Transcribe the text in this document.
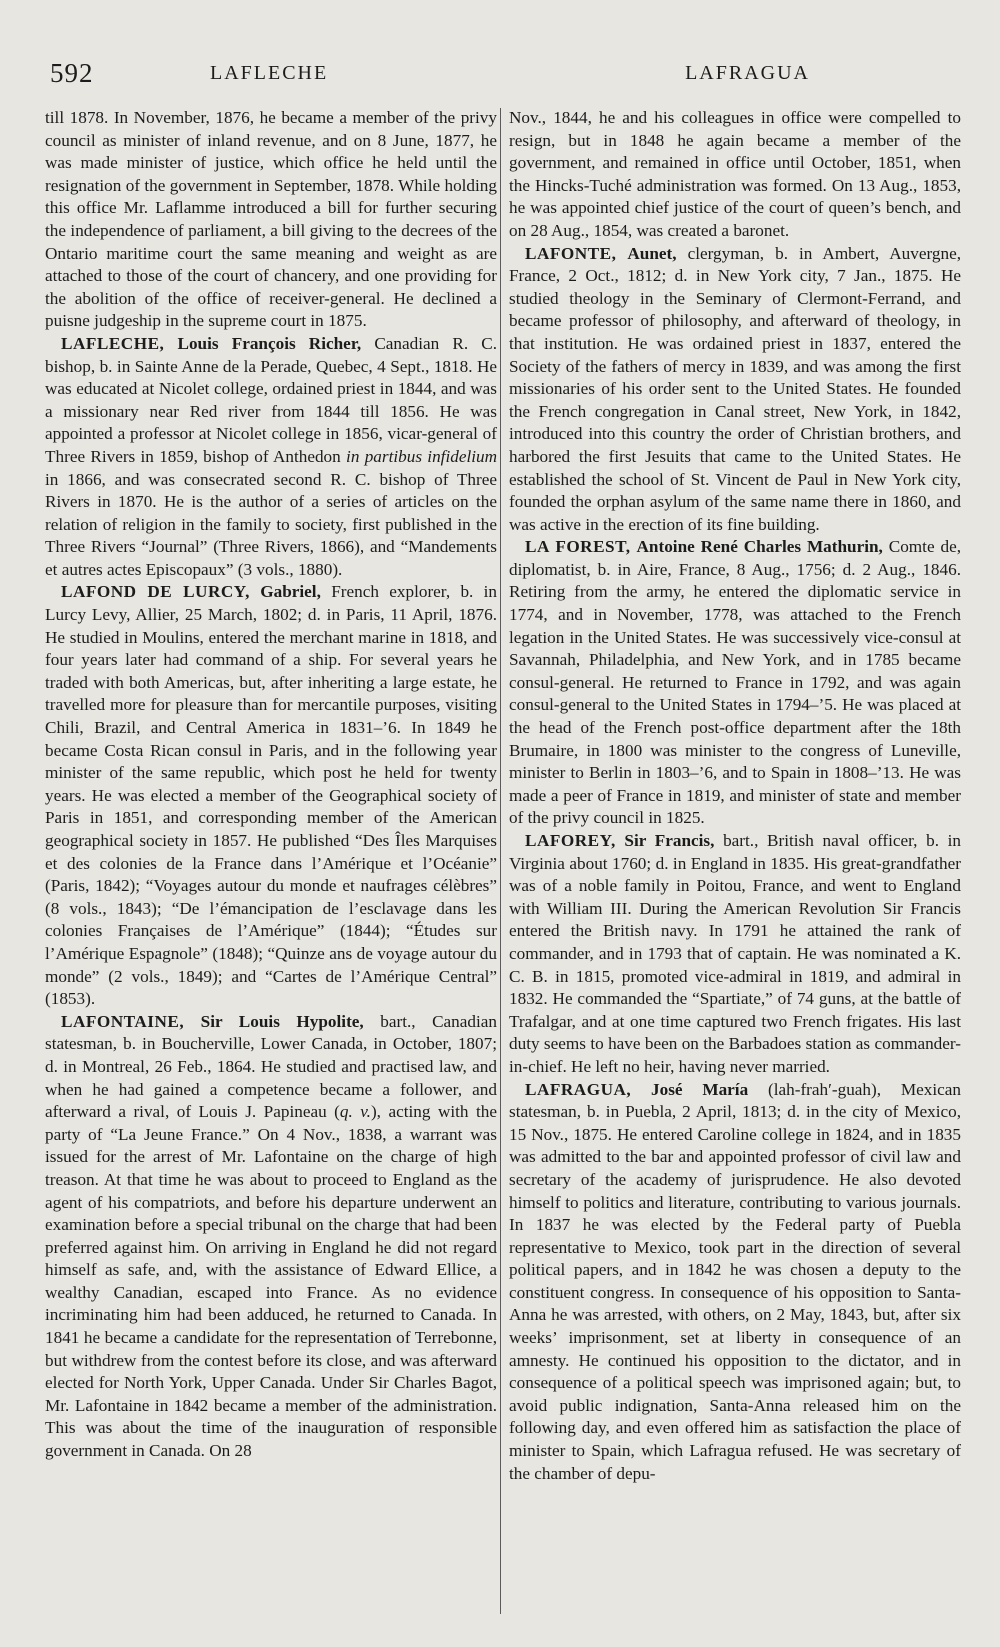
592	LAFLECHE	LAFRAGUA

till 1878. In November, 1876, he became a member of the privy council as minister of inland revenue, and on 8 June, 1877, he was made minister of justice, which office he held until the resignation of the government in September, 1878. While holding this office Mr. Laflamme introduced a bill for further securing the independence of parliament, a bill giving to the decrees of the Ontario maritime court the same meaning and weight as are attached to those of the court of chancery, and one providing for the abolition of the office of receiver-general. He declined a puisne judgeship in the supreme court in 1875.

LAFLECHE, Louis François Richer, Canadian R. C. bishop, b. in Sainte Anne de la Perade, Quebec, 4 Sept., 1818. He was educated at Nicolet college, ordained priest in 1844, and was a missionary near Red river from 1844 till 1856. He was appointed a professor at Nicolet college in 1856, vicar-general of Three Rivers in 1859, bishop of Anthedon in partibus infidelium in 1866, and was consecrated second R. C. bishop of Three Rivers in 1870. He is the author of a series of articles on the relation of religion in the family to society, first published in the Three Rivers “Journal” (Three Rivers, 1866), and “Mandements et autres actes Episcopaux” (3 vols., 1880).

LAFOND DE LURCY, Gabriel, French explorer, b. in Lurcy Levy, Allier, 25 March, 1802; d. in Paris, 11 April, 1876. He studied in Moulins, entered the merchant marine in 1818, and four years later had command of a ship. For several years he traded with both Americas, but, after inheriting a large estate, he travelled more for pleasure than for mercantile purposes, visiting Chili, Brazil, and Central America in 1831–’6. In 1849 he became Costa Rican consul in Paris, and in the following year minister of the same republic, which post he held for twenty years. He was elected a member of the Geographical society of Paris in 1851, and corresponding member of the American geographical society in 1857. He published “Des Îles Marquises et des colonies de la France dans l’Amérique et l’Océanie” (Paris, 1842); “Voyages autour du monde et naufrages célèbres” (8 vols., 1843); “De l’émancipation de l’esclavage dans les colonies Françaises de l’Amérique” (1844); “Études sur l’Amérique Espagnole” (1848); “Quinze ans de voyage autour du monde” (2 vols., 1849); and “Cartes de l’Amérique Central” (1853).

LAFONTAINE, Sir Louis Hypolite, bart., Canadian statesman, b. in Boucherville, Lower Canada, in October, 1807; d. in Montreal, 26 Feb., 1864. He studied and practised law, and when he had gained a competence became a follower, and afterward a rival, of Louis J. Papineau (q. v.), acting with the party of “La Jeune France.” On 4 Nov., 1838, a warrant was issued for the arrest of Mr. Lafontaine on the charge of high treason. At that time he was about to proceed to England as the agent of his compatriots, and before his departure underwent an examination before a special tribunal on the charge that had been preferred against him. On arriving in England he did not regard himself as safe, and, with the assistance of Edward Ellice, a wealthy Canadian, escaped into France. As no evidence incriminating him had been adduced, he returned to Canada. In 1841 he became a candidate for the representation of Terrebonne, but withdrew from the contest before its close, and was afterward elected for North York, Upper Canada. Under Sir Charles Bagot, Mr. Lafontaine in 1842 became a member of the administration. This was about the time of the inauguration of responsible government in Canada. On 28

Nov., 1844, he and his colleagues in office were compelled to resign, but in 1848 he again became a member of the government, and remained in office until October, 1851, when the Hincks-Tuché administration was formed. On 13 Aug., 1853, he was appointed chief justice of the court of queen’s bench, and on 28 Aug., 1854, was created a baronet.

LAFONTE, Aunet, clergyman, b. in Ambert, Auvergne, France, 2 Oct., 1812; d. in New York city, 7 Jan., 1875. He studied theology in the Seminary of Clermont-Ferrand, and became professor of philosophy, and afterward of theology, in that institution. He was ordained priest in 1837, entered the Society of the fathers of mercy in 1839, and was among the first missionaries of his order sent to the United States. He founded the French congregation in Canal street, New York, in 1842, introduced into this country the order of Christian brothers, and harbored the first Jesuits that came to the United States. He established the school of St. Vincent de Paul in New York city, founded the orphan asylum of the same name there in 1860, and was active in the erection of its fine building.

LA FOREST, Antoine René Charles Mathurin, Comte de, diplomatist, b. in Aire, France, 8 Aug., 1756; d. 2 Aug., 1846. Retiring from the army, he entered the diplomatic service in 1774, and in November, 1778, was attached to the French legation in the United States. He was successively vice-consul at Savannah, Philadelphia, and New York, and in 1785 became consul-general. He returned to France in 1792, and was again consul-general to the United States in 1794–’5. He was placed at the head of the French post-office department after the 18th Brumaire, in 1800 was minister to the congress of Luneville, minister to Berlin in 1803–’6, and to Spain in 1808–’13. He was made a peer of France in 1819, and minister of state and member of the privy council in 1825.

LAFOREY, Sir Francis, bart., British naval officer, b. in Virginia about 1760; d. in England in 1835. His great-grandfather was of a noble family in Poitou, France, and went to England with William III. During the American Revolution Sir Francis entered the British navy. In 1791 he attained the rank of commander, and in 1793 that of captain. He was nominated a K. C. B. in 1815, promoted vice-admiral in 1819, and admiral in 1832. He commanded the “Spartiate,” of 74 guns, at the battle of Trafalgar, and at one time captured two French frigates. His last duty seems to have been on the Barbadoes station as commander-in-chief. He left no heir, having never married.

LAFRAGUA, José María (lah-frah′-guah), Mexican statesman, b. in Puebla, 2 April, 1813; d. in the city of Mexico, 15 Nov., 1875. He entered Caroline college in 1824, and in 1835 was admitted to the bar and appointed professor of civil law and secretary of the academy of jurisprudence. He also devoted himself to politics and literature, contributing to various journals. In 1837 he was elected by the Federal party of Puebla representative to Mexico, took part in the direction of several political papers, and in 1842 he was chosen a deputy to the constituent congress. In consequence of his opposition to Santa-Anna he was arrested, with others, on 2 May, 1843, but, after six weeks’ imprisonment, set at liberty in consequence of an amnesty. He continued his opposition to the dictator, and in consequence of a political speech was imprisoned again; but, to avoid public indignation, Santa-Anna released him on the following day, and even offered him as satisfaction the place of minister to Spain, which Lafragua refused. He was secretary of the chamber of depu-
